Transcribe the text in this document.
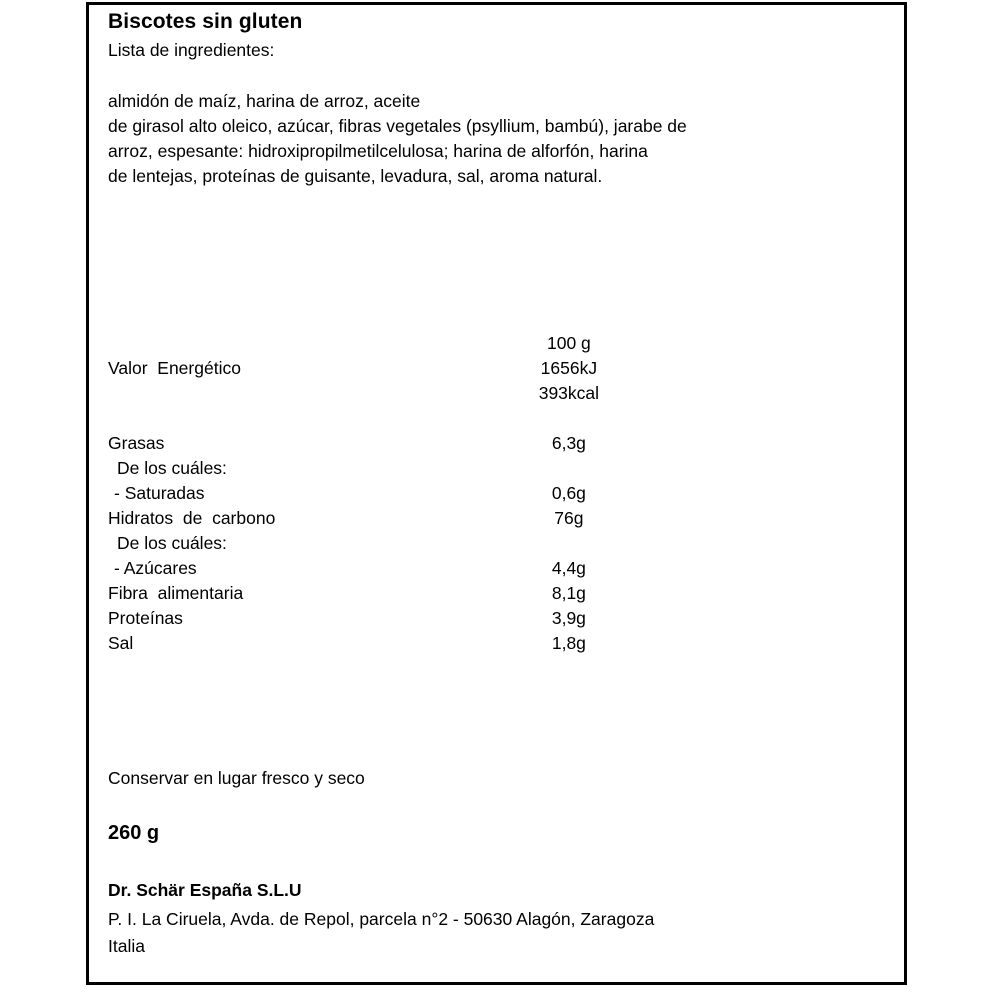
Biscotes sin gluten
Lista de ingredientes:
almidón de maíz, harina de arroz, aceite
de girasol alto oleico, azúcar, fibras vegetales (psyllium, bambú), jarabe de
arroz, espesante: hidroxipropilmetilcelulosa; harina de alforfón, harina
de lentejas, proteínas de guisante, levadura, sal, aroma natural.
	100 g
Valor  Energético	1656kJ
	393kcal

Grasas	6,3g
De los cuáles:	
- Saturadas	0,6g
Hidratos  de  carbono	76g
De los cuáles:	
- Azúcares	4,4g
Fibra  alimentaria	8,1g
Proteínas	3,9g
Sal	1,8g
Conservar en lugar fresco y seco
260 g
Dr. Schär España S.L.U
P. I. La Ciruela, Avda. de Repol, parcela n°2 - 50630 Alagón, Zaragoza
Italia
